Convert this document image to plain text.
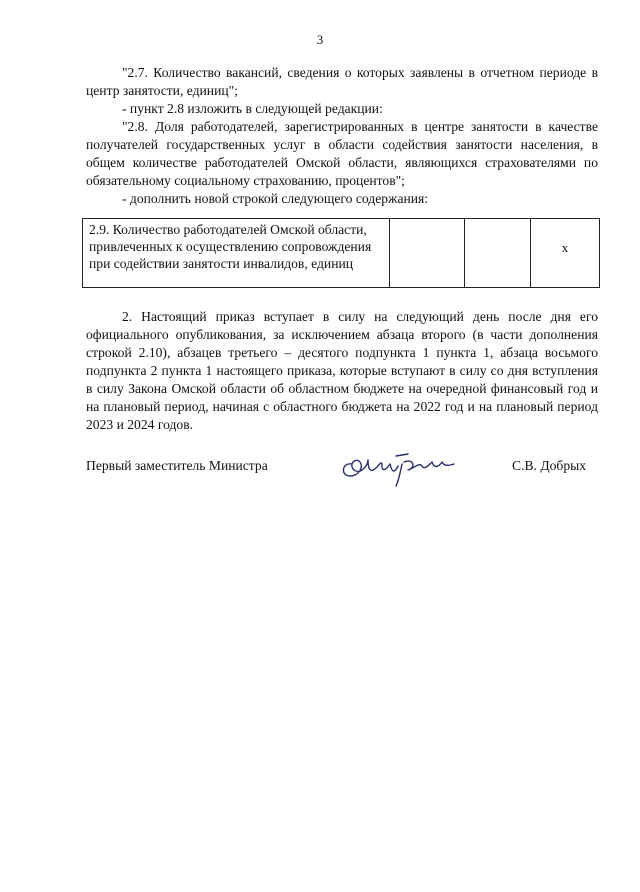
3
"2.7. Количество вакансий, сведения о которых заявлены в отчетном периоде в центр занятости, единиц";
- пункт 2.8 изложить в следующей редакции:
"2.8. Доля работодателей, зарегистрированных в центре занятости в качестве получателей государственных услуг в области содействия занятости населения, в общем количестве работодателей Омской области, являющихся страхователями по обязательному социальному страхованию, процентов";
- дополнить новой строкой следующего содержания:
2.9. Количество работодателей Омской области, привлеченных к осуществлению сопровождения при содействии занятости инвалидов, единиц			x
2. Настоящий приказ вступает в силу на следующий день после дня его официального опубликования, за исключением абзаца второго (в части дополнения строкой 2.10), абзацев третьего – десятого подпункта 1 пункта 1, абзаца восьмого подпункта 2 пункта 1 настоящего приказа, которые вступают в силу со дня вступления в силу Закона Омской области об областном бюджете на очередной финансовый год и на плановый период, начиная с областного бюджета на 2022 год и на плановый период 2023 и 2024 годов.
Первый заместитель Министра	С.В. Добрых
